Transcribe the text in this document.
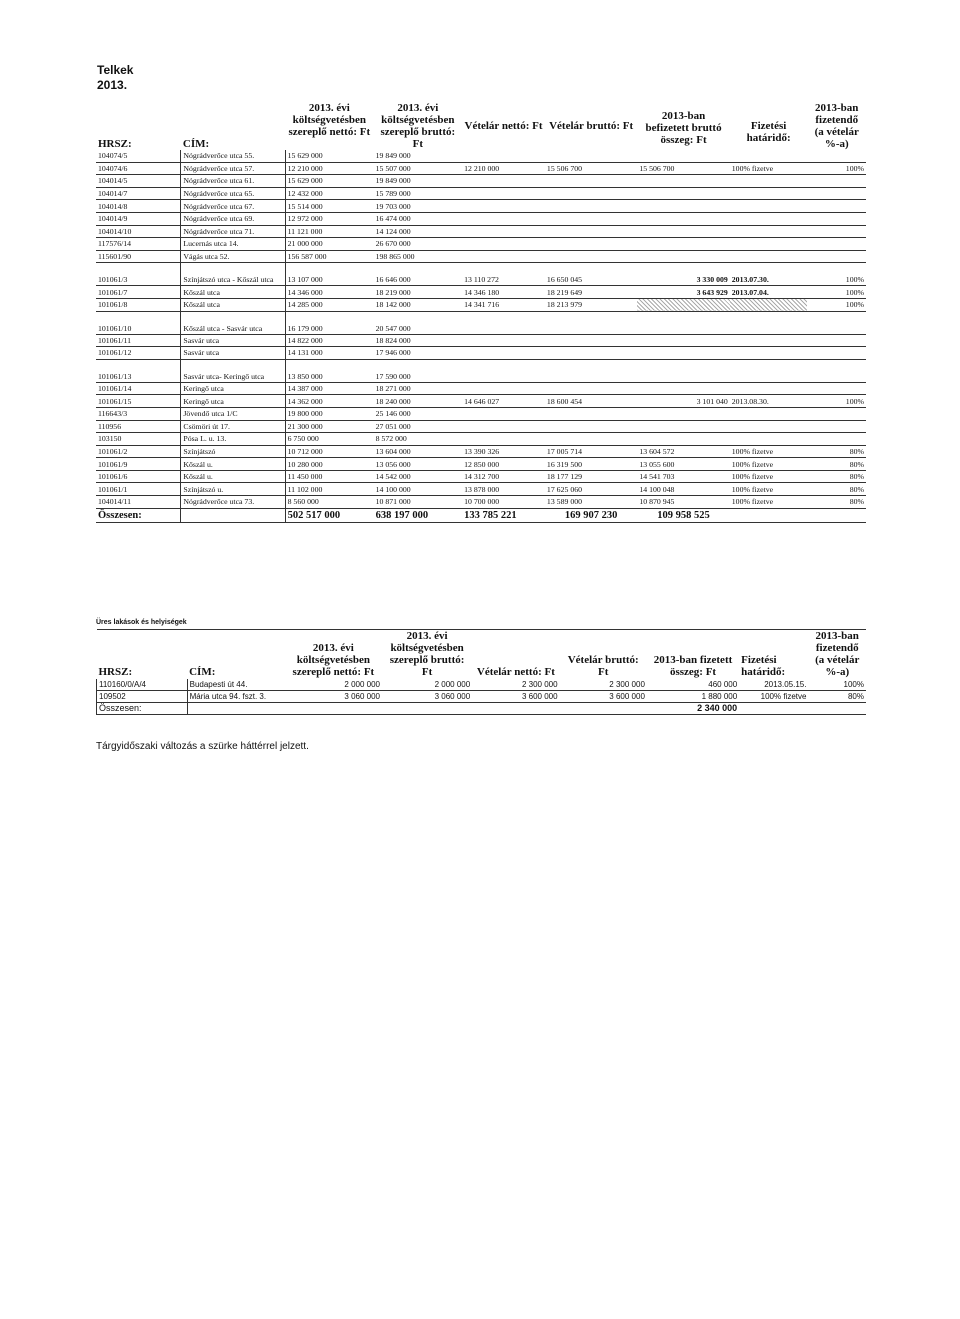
Telkek
2013.
HRSZ:	CÍM:	2013. évi költségvetésben szereplő nettó: Ft	2013. évi költségvetésben szereplő bruttó: Ft	Vételár nettó: Ft	Vételár bruttó: Ft	2013-ban befizetett bruttó összeg: Ft	Fizetési határidő:	2013-ban fizetendő (a vételár %-a)
104074/5	Nógrádverőce utca 55.	15 629 000	19 849 000					
104074/6	Nógrádverőce utca 57.	12 210 000	15 507 000	12 210 000	15 506 700	15 506 700	100% fizetve	100%
104014/5	Nógrádverőce utca 61.	15 629 000	19 849 000					
104014/7	Nógrádverőce utca 65.	12 432 000	15 789 000					
104014/8	Nógrádverőce utca 67.	15 514 000	19 703 000					
104014/9	Nógrádverőce utca 69.	12 972 000	16 474 000					
104014/10	Nógrádverőce utca 71.	11 121 000	14 124 000					
117576/14	Lucernás utca 14.	21 000 000	26 670 000					
115601/90	Vágás utca 52.	156 587 000	198 865 000					
101061/3	Színjátszó utca - Kőszál utca	13 107 000	16 646 000	13 110 272	16 650 045	3 330 009	2013.07.30.	100%
101061/7	Kőszál utca	14 346 000	18 219 000	14 346 180	18 219 649	3 643 929	2013.07.04.	100%
101061/8	Kőszál utca	14 285 000	18 142 000	14 341 716	18 213 979			100%
101061/10	Kőszál utca - Sasvár utca	16 179 000	20 547 000					
101061/11	Sasvár utca	14 822 000	18 824 000					
101061/12	Sasvár utca	14 131 000	17 946 000					
101061/13	Sasvár utca- Keringő utca	13 850 000	17 590 000					
101061/14	Keringő utca	14 387 000	18 271 000					
101061/15	Keringő utca	14 362 000	18 240 000	14 646 027	18 600 454	3 101 040	2013.08.30.	100%
116643/3	Jövendő utca 1/C	19 800 000	25 146 000					
110956	Csömöri út 17.	21 300 000	27 051 000					
103150	Pósa L. u. 13.	6 750 000	8 572 000					
101061/2	Színjátszó	10 712 000	13 604 000	13 390 326	17 005 714	13 604 572	100% fizetve	80%
101061/9	Kőszál u.	10 280 000	13 056 000	12 850 000	16 319 500	13 055 600	100% fizetve	80%
101061/6	Kőszál u.	11 450 000	14 542 000	14 312 700	18 177 129	14 541 703	100% fizetve	80%
101061/1	Színjátszó u.	11 102 000	14 100 000	13 878 000	17 625 060	14 100 048	100% fizetve	80%
104014/11	Nógrádverőce utca 73.	8 560 000	10 871 000	10 700 000	13 589 000	10 870 945	100% fizetve	80%
Összesen:		502 517 000	638 197 000	133 785 221	169 907 230	109 958 525		
Üres lakások és helyiségek
HRSZ:	CÍM:	2013. évi költségvetésben szereplő nettó: Ft	2013. évi költségvetésben szereplő bruttó: Ft	Vételár nettó: Ft	Vételár bruttó: Ft	2013-ban fizetett összeg: Ft	Fizetési határidő:	2013-ban fizetendő (a vételár %-a)
110160/0/A/4	Budapesti út 44.	2 000 000	2 000 000	2 300 000	2 300 000	460 000	2013.05.15.	100%
109502	Mária utca 94. fszt. 3.	3 060 000	3 060 000	3 600 000	3 600 000	1 880 000	100% fizetve	80%
Összesen:						2 340 000		
Tárgyidőszaki változás a szürke háttérrel jelzett.
